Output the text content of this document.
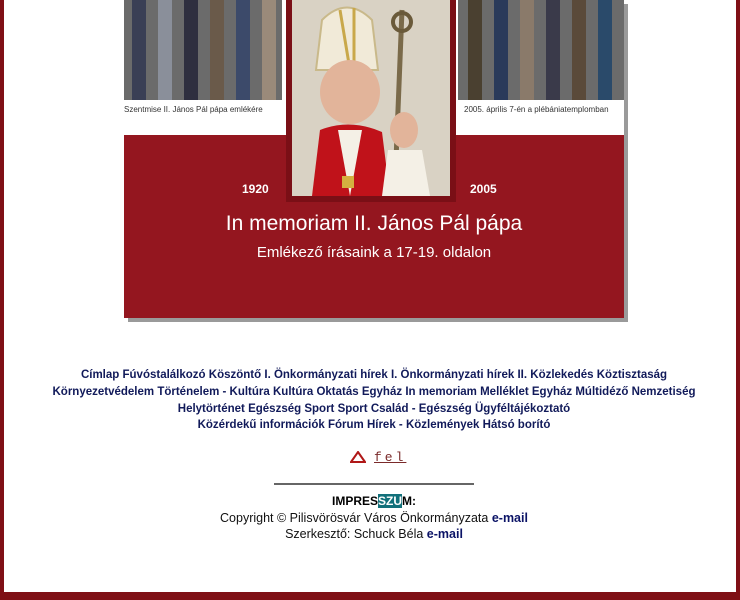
Szentmise II. János Pál pápa emlékére	2005. április 7-én a plébániatemplomban
1920	2005
In memoriam II. János Pál pápa
Emlékező írásaink a 17-19. oldalon
Címlap Fúvóstalálkozó Köszöntő I. Önkormányzati hírek I. Önkormányzati hírek II. Közlekedés Köztisztaság
Környezetvédelem Történelem - Kultúra Kultúra Oktatás Egyház In memoriam Melléklet Egyház Múltidéző Nemzetiség
Helytörténet Egészség Sport Sport Család - Egészség Ügyféltájékoztató
Közérdekű információk Fórum Hírek - Közlemények Hátsó borító
fel
IMPRESSZUM:
Copyright © Pilisvörösvár Város Önkormányzata e-mail
Szerkesztő: Schuck Béla e-mail
